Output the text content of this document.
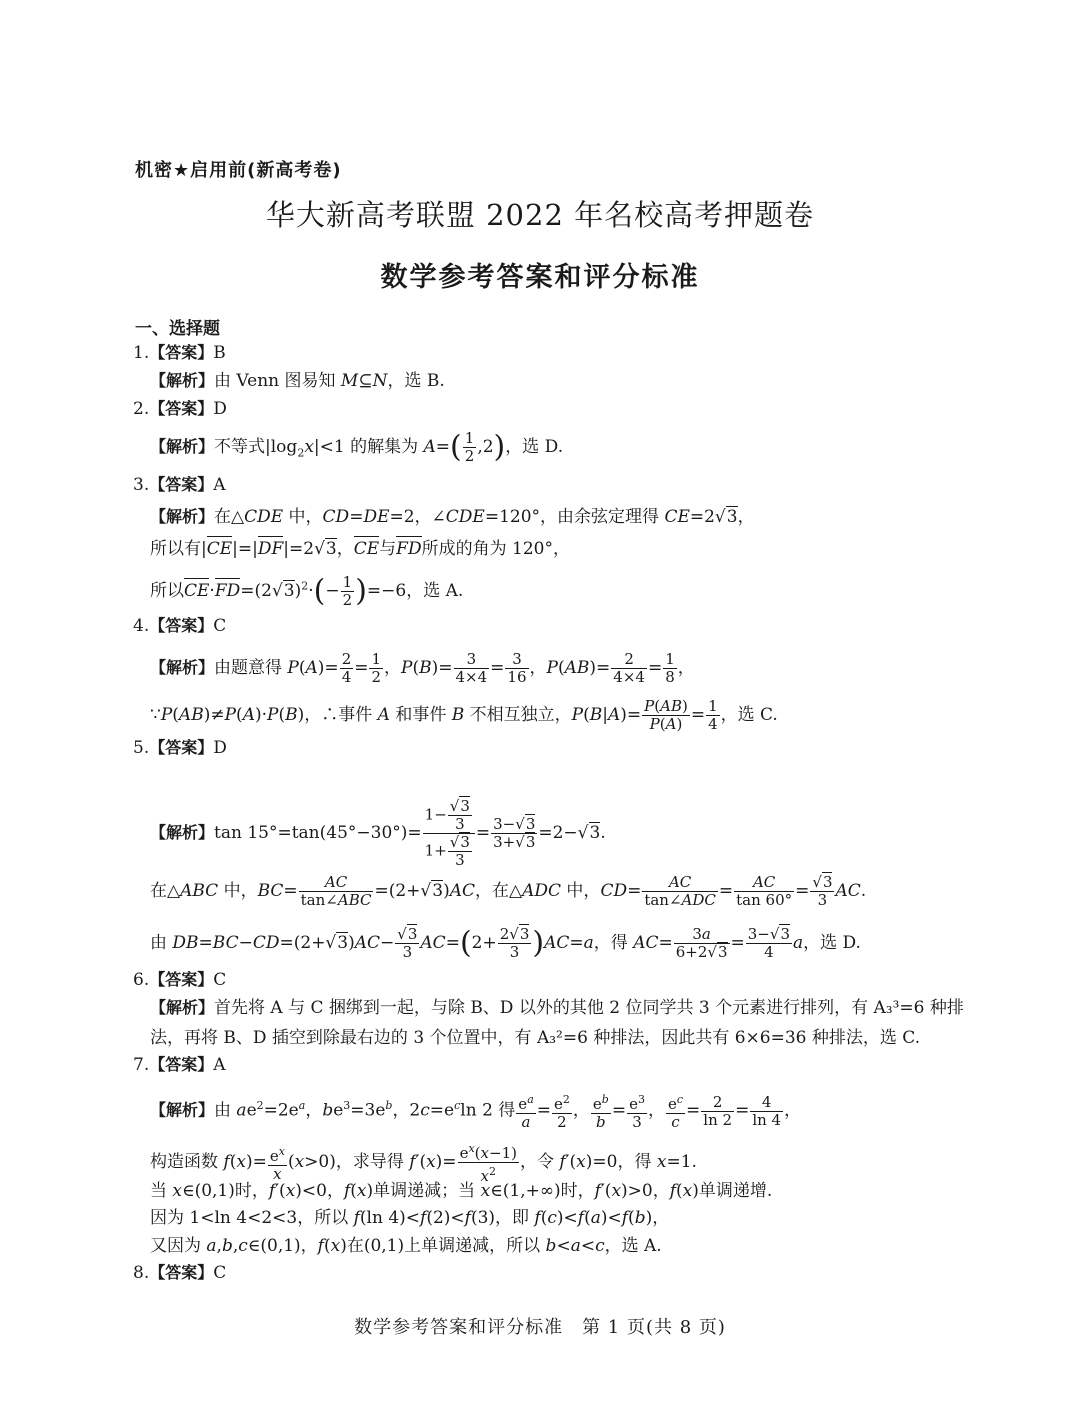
机密★启用前(新高考卷)
华大新高考联盟 2022 年名校高考押题卷
数学参考答案和评分标准
一、选择题
1.【答案】B
【解析】由 Venn 图易知 M⊆N，选 B.
2.【答案】D
【解析】不等式$|\log_2x|<1$ 的解集为 $A=( \frac{1}{2} ,2)$，选 D.
3.【答案】A
【解析】在△CDE 中，CD=DE=2，∠CDE=120°，由余弦定理得 CE=2√3，
所以有|CE|=|DF|=2√3，CE与FD所成的角为 120°，
所以$CE\cdot FD=(2√3)^2\cdot(- \frac{1}{2} )=-6$，选 A.
4.【答案】C
【解析】由题意得 $P(A)= \frac{2}{4} = \frac{1}{2}$ ，$P(B)= \frac{3}{4\times 4} = \frac{3}{16}$ ，$P(AB)= \frac{2}{4\times 4} = \frac{1}{8}$ ，
∵P(AB)≠P(A)·P(B)，∴事件 A 和事件 B 不相互独立，$P(B|A)= \frac{P(AB)}{P(A)} = \frac{1}{4}$ ，选 C.
5.【答案】D
【解析】$\tan 15^\circ=\tan(45^\circ-30^\circ)= \frac{1- \frac{√3}{3}}{1+ \frac{√3}{3}} = \frac{3-√3}{3+√3} =2-√3$.
在△ABC 中，$BC= \frac{AC}{\text{tan∠ABC}} =(2+√3)AC$，在△ADC 中，$CD= \frac{AC}{\text{tan∠ADC}} = \frac{AC}{\tan 60^\circ} = \frac{√3}{3}$ AC.
由 $DB=BC-CD=(2+√3)AC- \frac{√3}{3} AC=(2+ \frac{2√3}{3} )AC=a$，得 $AC= \frac{3a}{6+2√3} = \frac{3-√3}{4}$ a，选 D.
6.【答案】C
【解析】首先将 A 与 C 捆绑到一起，与除 B、D 以外的其他 2 位同学共 3 个元素进行排列，有 A₃³=6 种排
法，再将 B、D 插空到除最右边的 3 个位置中，有 A₃²=6 种排法，因此共有 6×6=36 种排法，选 C.
7.【答案】A
【解析】由 $ae^2=2e^a$，$be^3=3e^b$，$2c=e^c\ln$ 2 得 $\frac{e^a}{a} = \frac{e^2}{2}$ ， $\frac{e^b}{b} = \frac{e^3}{3}$ ， $\frac{e^c}{c} = \frac{2}{\ln 2} = \frac{4}{\ln 4}$ ，
构造函数 $f(x)= \frac{e^x}{x} (x>0)$，求导得 $f'(x)= \frac{e^x(x-1)}{x^2}$ ，令 f′(x)=0，得 x=1.
当 x∈(0,1)时，f′(x)<0，f(x)单调递减；当 x∈(1,+∞)时，f′(x)>0，f(x)单调递增.
因为 1<ln 4<2<3，所以 f(ln 4)<f(2)<f(3)，即 f(c)<f(a)<f(b)，
又因为 a,b,c∈(0,1)，f(x)在(0,1)上单调递减，所以 b<a<c，选 A.
8.【答案】C
数学参考答案和评分标准　第 1 页(共 8 页)
